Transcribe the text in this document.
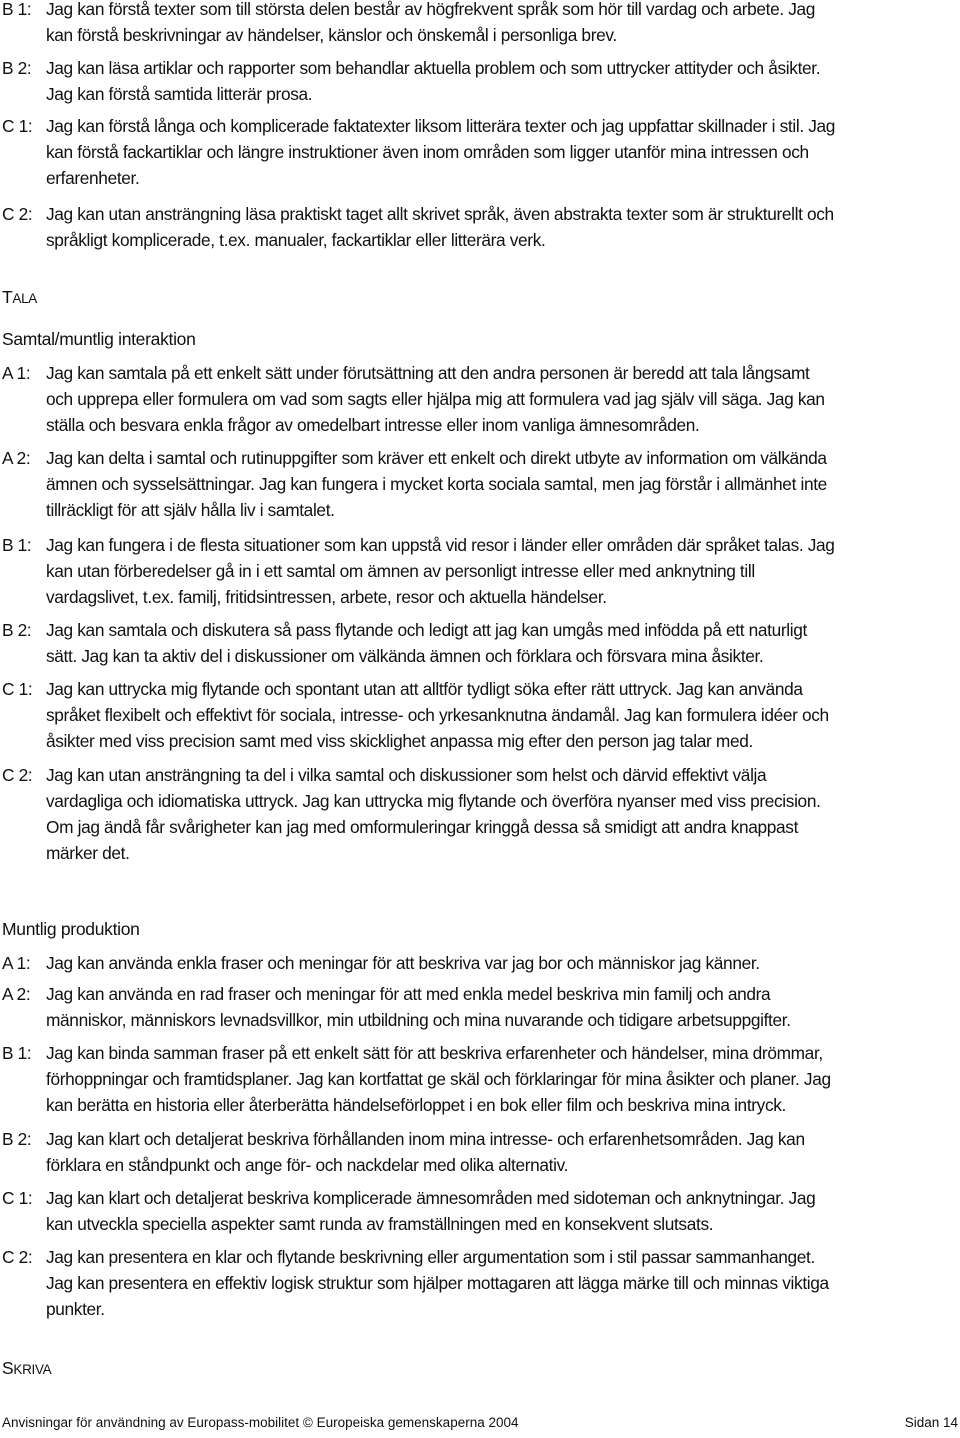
B 1: Jag kan förstå texter som till största delen består av högfrekvent språk som hör till vardag och arbete. Jag
kan förstå beskrivningar av händelser, känslor och önskemål i personliga brev.
B 2: Jag kan läsa artiklar och rapporter som behandlar aktuella problem och som uttrycker attityder och åsikter.
Jag kan förstå samtida litterär prosa.
C 1: Jag kan förstå långa och komplicerade faktatexter liksom litterära texter och jag uppfattar skillnader i stil. Jag
kan förstå fackartiklar och längre instruktioner även inom områden som ligger utanför mina intressen och
erfarenheter.
C 2: Jag kan utan ansträngning läsa praktiskt taget allt skrivet språk, även abstrakta texter som är strukturellt och
språkligt komplicerade, t.ex. manualer, fackartiklar eller litterära verk.
TALA
Samtal/muntlig interaktion
A 1: Jag kan samtala på ett enkelt sätt under förutsättning att den andra personen är beredd att tala långsamt
och upprepa eller formulera om vad som sagts eller hjälpa mig att formulera vad jag själv vill säga. Jag kan
ställa och besvara enkla frågor av omedelbart intresse eller inom vanliga ämnesområden.
A 2: Jag kan delta i samtal och rutinuppgifter som kräver ett enkelt och direkt utbyte av information om välkända
ämnen och sysselsättningar. Jag kan fungera i mycket korta sociala samtal, men jag förstår i allmänhet inte
tillräckligt för att själv hålla liv i samtalet.
B 1: Jag kan fungera i de flesta situationer som kan uppstå vid resor i länder eller områden där språket talas. Jag
kan utan förberedelser gå in i ett samtal om ämnen av personligt intresse eller med anknytning till
vardagslivet, t.ex. familj, fritidsintressen, arbete, resor och aktuella händelser.
B 2: Jag kan samtala och diskutera så pass flytande och ledigt att jag kan umgås med infödda på ett naturligt
sätt. Jag kan ta aktiv del i diskussioner om välkända ämnen och förklara och försvara mina åsikter.
C 1: Jag kan uttrycka mig flytande och spontant utan att alltför tydligt söka efter rätt uttryck. Jag kan använda
språket flexibelt och effektivt för sociala, intresse- och yrkesanknutna ändamål. Jag kan formulera idéer och
åsikter med viss precision samt med viss skicklighet anpassa mig efter den person jag talar med.
C 2: Jag kan utan ansträngning ta del i vilka samtal och diskussioner som helst och därvid effektivt välja
vardagliga och idiomatiska uttryck. Jag kan uttrycka mig flytande och överföra nyanser med viss precision.
Om jag ändå får svårigheter kan jag med omformuleringar kringgå dessa så smidigt att andra knappast
märker det.
Muntlig produktion
A 1: Jag kan använda enkla fraser och meningar för att beskriva var jag bor och människor jag känner.
A 2: Jag kan använda en rad fraser och meningar för att med enkla medel beskriva min familj och andra
människor, människors levnadsvillkor, min utbildning och mina nuvarande och tidigare arbetsuppgifter.
B 1: Jag kan binda samman fraser på ett enkelt sätt för att beskriva erfarenheter och händelser, mina drömmar,
förhoppningar och framtidsplaner. Jag kan kortfattat ge skäl och förklaringar för mina åsikter och planer. Jag
kan berätta en historia eller återberätta händelseförloppet i en bok eller film och beskriva mina intryck.
B 2: Jag kan klart och detaljerat beskriva förhållanden inom mina intresse- och erfarenhetsområden. Jag kan
förklara en ståndpunkt och ange för- och nackdelar med olika alternativ.
C 1: Jag kan klart och detaljerat beskriva komplicerade ämnesområden med sidoteman och anknytningar. Jag
kan utveckla speciella aspekter samt runda av framställningen med en konsekvent slutsats.
C 2: Jag kan presentera en klar och flytande beskrivning eller argumentation som i stil passar sammanhanget.
Jag kan presentera en effektiv logisk struktur som hjälper mottagaren att lägga märke till och minnas viktiga
punkter.
SKRIVA
Anvisningar för användning av Europass-mobilitet © Europeiska gemenskaperna 2004	Sidan 14
